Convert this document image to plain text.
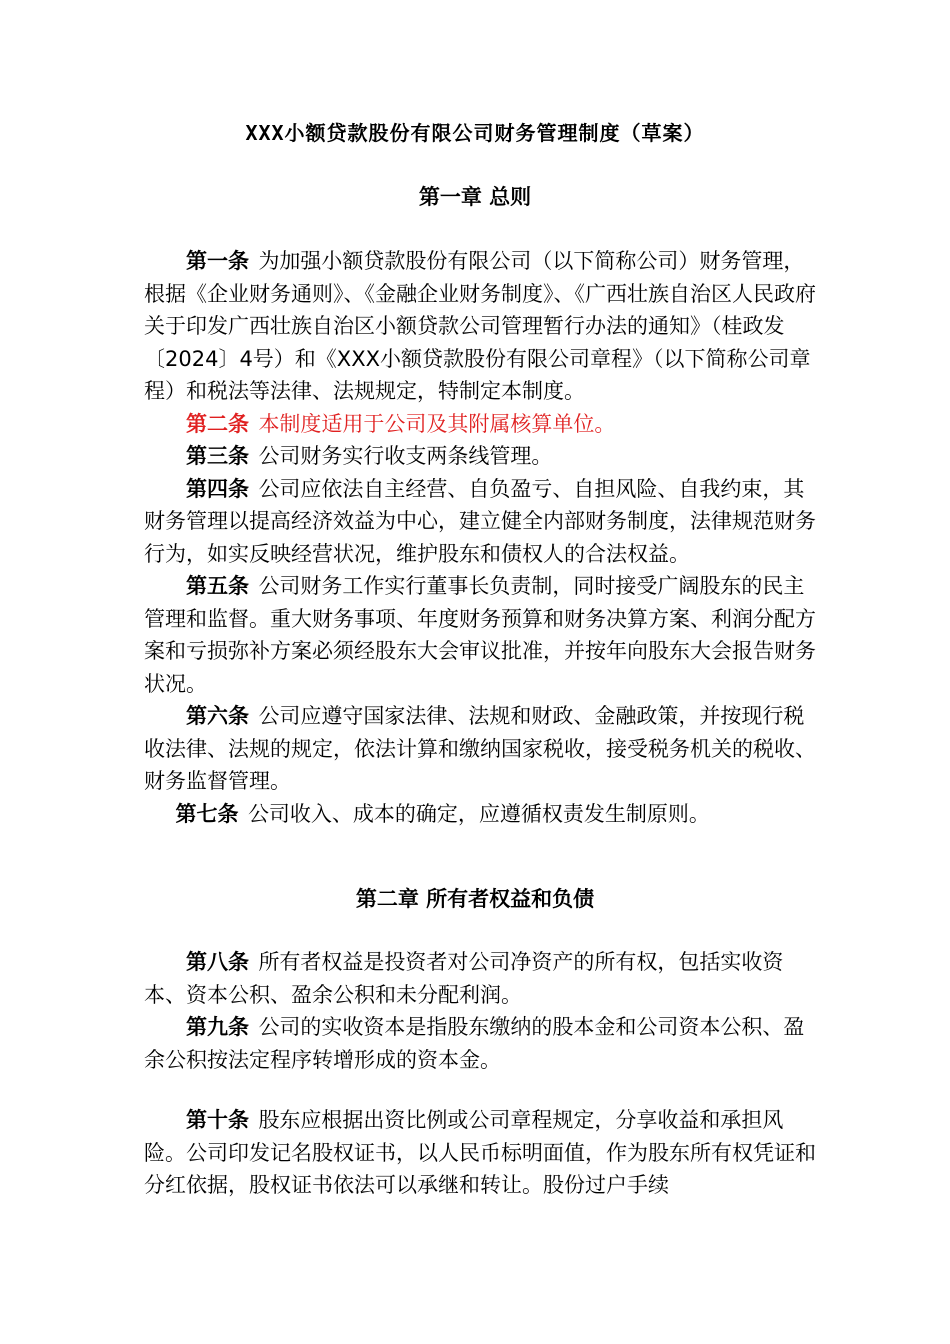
XXX小额贷款股份有限公司财务管理制度（草案）
第一章 总则

第一条 为加强小额贷款股份有限公司（以下简称公司）财务管理，根据《企业财务通则》、《金融企业财务制度》、《广西壮族自治区人民政府关于印发广西壮族自治区小额贷款公司管理暂行办法的通知》（桂政发〔2024〕4号）和《XXX小额贷款股份有限公司章程》（以下简称公司章程）和税法等法律、法规规定，特制定本制度。

第二条 本制度适用于公司及其附属核算单位。

第三条 公司财务实行收支两条线管理。

第四条 公司应依法自主经营、自负盈亏、自担风险、自我约束，其财务管理以提高经济效益为中心，建立健全内部财务制度，法律规范财务行为，如实反映经营状况，维护股东和债权人的合法权益。

第五条 公司财务工作实行董事长负责制，同时接受广阔股东的民主管理和监督。重大财务事项、年度财务预算和财务决算方案、利润分配方案和亏损弥补方案必须经股东大会审议批准，并按年向股东大会报告财务状况。

第六条 公司应遵守国家法律、法规和财政、金融政策，并按现行税收法律、法规的规定，依法计算和缴纳国家税收，接受税务机关的税收、财务监督管理。

第七条 公司收入、成本的确定，应遵循权责发生制原则。

第二章 所有者权益和负债

第八条 所有者权益是投资者对公司净资产的所有权，包括实收资本、资本公积、盈余公积和未分配利润。

第九条 公司的实收资本是指股东缴纳的股本金和公司资本公积、盈余公积按法定程序转增形成的资本金。

第十条 股东应根据出资比例或公司章程规定，分享收益和承担风险。公司印发记名股权证书，以人民币标明面值，作为股东所有权凭证和分红依据，股权证书依法可以承继和转让。股份过户手续
